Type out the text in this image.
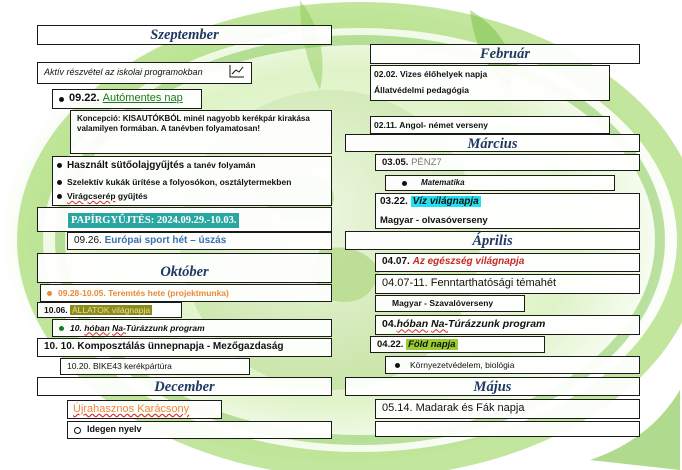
Szeptember
Aktív részvétel az iskolai programokban
09.22.
Autómentes nap
Koncepció: KISAUTÓKBÓL minél nagyobb kerékpár kirakása valamilyen formában. A tanévben folyamatosan!
Használt sütőolajgyűjtés a tanév folyamán
Szelektív kukák ürítése a folyosókon, osztálytermekben
Virágcserép gyűjtés
PAPÍRGYŰJTÉS: 2024.09.29.-10.03.
09.26.
Európai sport hét – úszás
Október
09.28-10.05. Teremtés hete (projektmunka)
10.06.
ÁLLATOK világnapja
10.
hóban
Na- Túrázzunk program
10. 10. Komposztálás ünnepnapja - Mezőgazdaság
10.20. BIKE43 kerékpártúra
December
Újrahasznos Karácsony
Idegen nyelv
Február
02.02. Vizes élőhelyek napja
Állatvédelmi pedagógia
02.11. Angol- német verseny
Március
03.05.
PÉNZ7
Matematika
03.22. Víz világnapja
Magyar - olvasóverseny
Április
04.07.
Az egészség világnapja
04.07-11. Fenntarthatósági témahét
Magyar - Szavalóverseny
04. hóban
Na- Túrázzunk program
04.22.
Föld napja
Környezetvédelem, biológia
Május
05.14. Madarak és Fák napja
